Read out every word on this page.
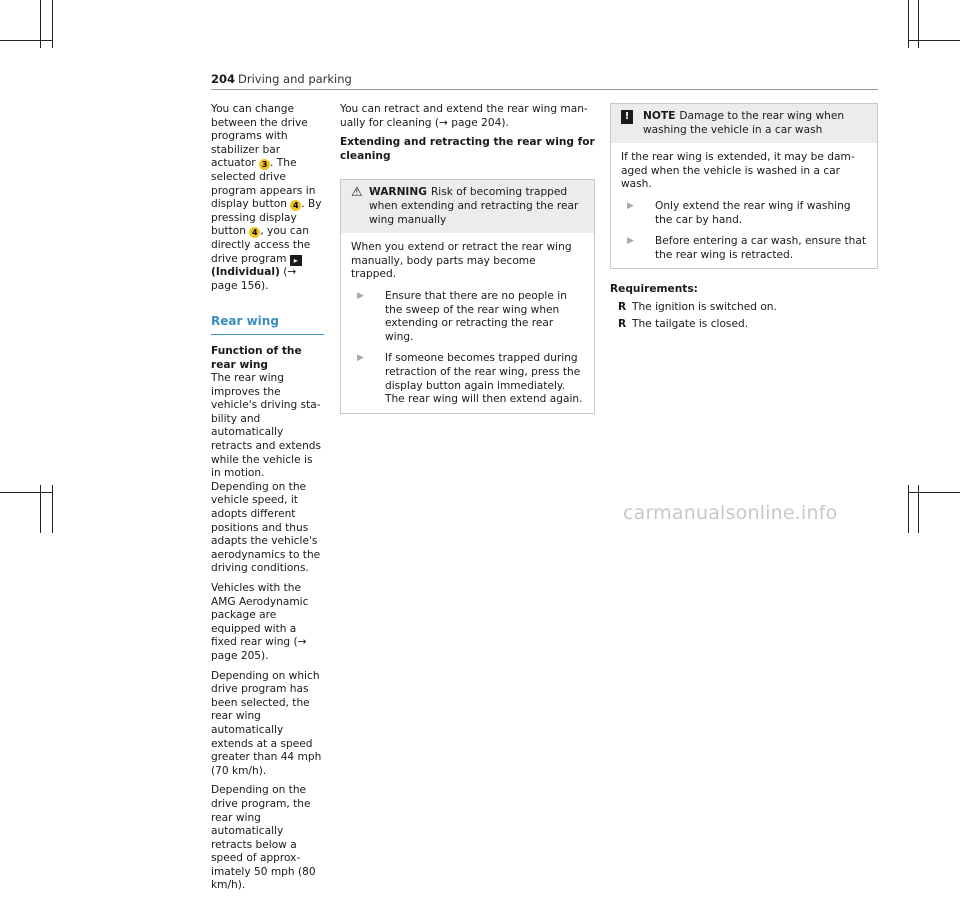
204 Driving and parking

You can change between the drive programs with stabilizer bar actuator 3 . The selected drive program appears in display button 4 . By pressing display button 4 , you can directly access the drive program ▸ (Individual) (→ page 156).

Rear wing

Function of the rear wing

The rear wing improves the vehicle's driving sta-bility and automatically retracts and extends while the vehicle is in motion. Depending on the vehicle speed, it adopts different positions and thus adapts the vehicle's aerodynamics to the driving conditions.

Vehicles with the AMG Aerodynamic package are equipped with a fixed rear wing (→ page 205).

Depending on which drive program has been selected, the rear wing automatically extends at a speed greater than 44 mph (70 km/h).

Depending on the drive program, the rear wing automatically retracts below a speed of approx-imately 50 mph (80 km/h).

You can retract and extend the rear wing man-ually for cleaning (→ page 204).

Extending and retracting the rear wing for cleaning

⚠ WARNING Risk of becoming trapped when extending and retracting the rear wing manually

When you extend or retract the rear wing manually, body parts may become trapped.

▶	Ensure that there are no people in the sweep of the rear wing when extending or retracting the rear wing.
▶	If someone becomes trapped during retraction of the rear wing, press the display button again immediately. The rear wing will then extend again.
!	NOTE Damage to the rear wing when washing the vehicle in a car wash

If the rear wing is extended, it may be dam-aged when the vehicle is washed in a car wash.

▶	Only extend the rear wing if washing the car by hand.
▶	Before entering a car wash, ensure that the rear wing is retracted.
Requirements:
R The ignition is switched on.
R The tailgate is closed.
carmanualsonline.info
